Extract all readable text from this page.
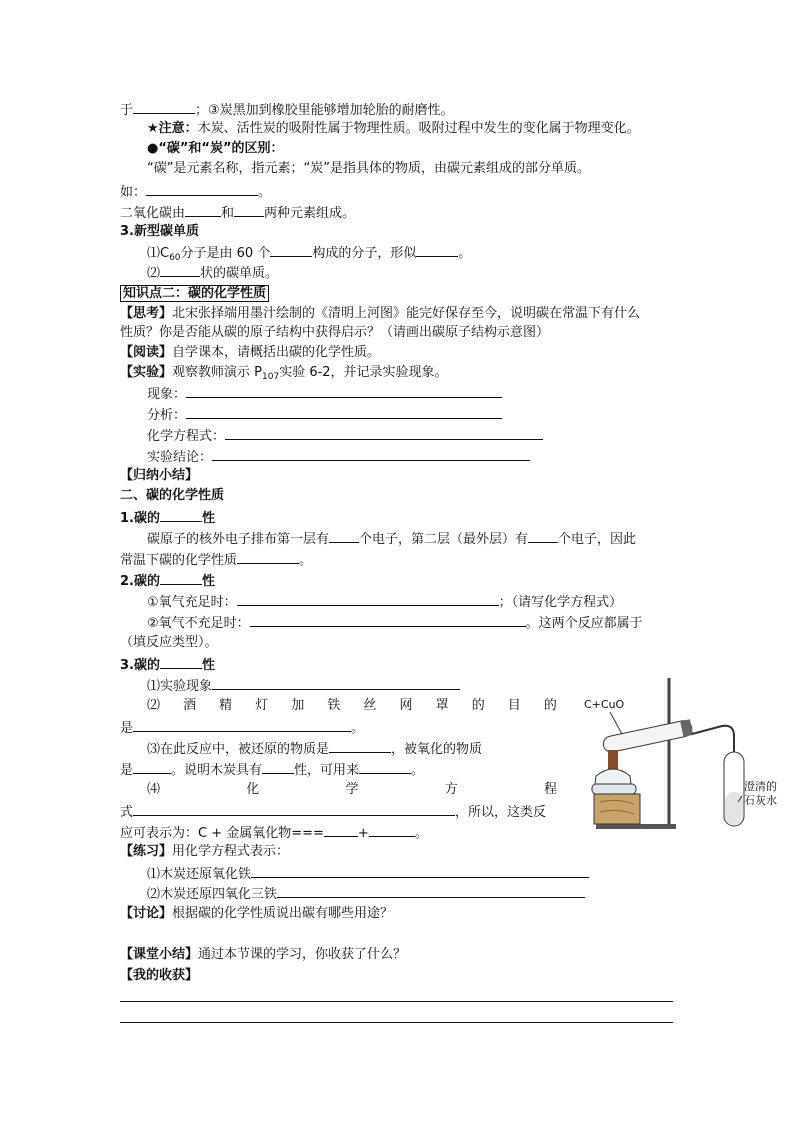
于	；③炭黑加到橡胶里能够增加轮胎的耐磨性。
★注意：木炭、活性炭的吸附性属于物理性质。吸附过程中发生的变化属于物理变化。
●“碳”和“炭”的区别：
“碳”是元素名称，指元素；“炭”是指具体的物质，由碳元素组成的部分单质。
如：	。
二氧化碳由	和 两种元素组成。
3.新型碳单质
$⑴C_{60}$分子是由 60 个	构成的分子，形似	。
⑵	状的碳单质。
知识点二：碳的化学性质
【思考】北宋张择端用墨汁绘制的《清明上河图》能完好保存至今，说明碳在常温下有什么
性质？你是否能从碳的原子结构中获得启示？（请画出碳原子结构示意图）
【阅读】自学课本，请概括出碳的化学性质。
【实验】观察教师演示 $P_{107}$实验 6-2，并记录实验现象。
现象：
分析：
化学方程式：
实验结论：
【归纳小结】
二、碳的化学性质
1.碳的	性
碳原子的核外电子排布第一层有 个电子，第二层（最外层）有 个电子，因此
常温下碳的化学性质	。
2.碳的	性
①氧气充足时：	；（请写化学方程式）
②氧气不充足时：	。这两个反应都属于
（填反应类型）。
3.碳的	性
⑴实验现象
⑵ 酒 精 灯 加 铁 丝 网 罩 的 目 的
是	。
⑶在此反应中，被还原的物质是	，被氧化的物质
是	。说明木炭具有 性，可用来	。
⑷	化	学	方	程
式	，所以，这类反
应可表示为：C + 金属氧化物===	+	。
【练习】用化学方程式表示：
⑴木炭还原氧化铁
⑵木炭还原四氧化三铁
【讨论】根据碳的化学性质说出碳有哪些用途？
【课堂小结】通过本节课的学习，你收获了什么？
【我的收获】
C+CuO
澄清的
石灰水
